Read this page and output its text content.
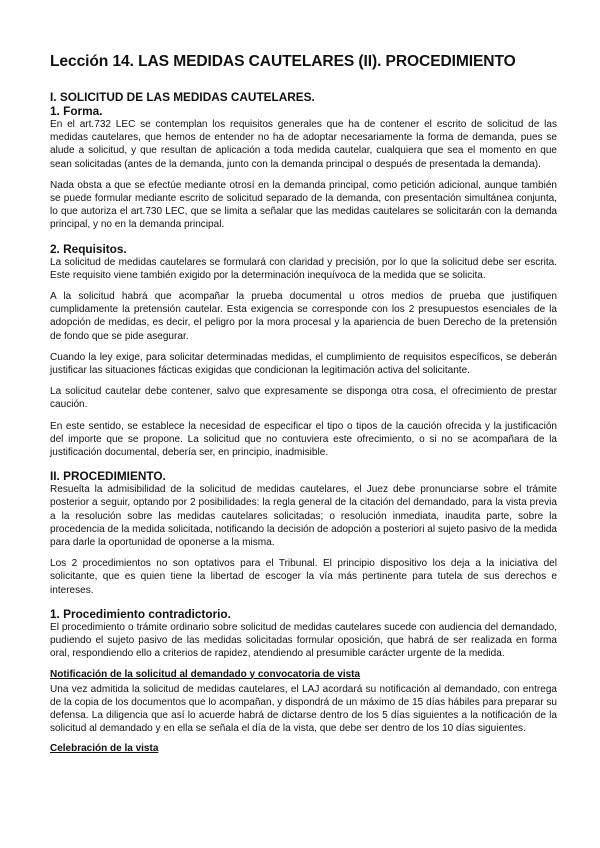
Lección 14. LAS MEDIDAS CAUTELARES (II). PROCEDIMIENTO
I. SOLICITUD DE LAS MEDIDAS CAUTELARES.
1. Forma.

En el art.732 LEC se contemplan los requisitos generales que ha de contener el escrito de solicitud de las medidas cautelares, que hemos de entender no ha de adoptar necesariamente la forma de demanda, pues se alude a solicitud, y que resultan de aplicación a toda medida cautelar, cualquiera que sea el momento en que sean solicitadas (antes de la demanda, junto con la demanda principal o después de presentada la demanda).

Nada obsta a que se efectúe mediante otrosí en la demanda principal, como petición adicional, aunque también se puede formular mediante escrito de solicitud separado de la demanda, con presentación simultánea conjunta, lo que autoriza el art.730 LEC, que se limita a señalar que las medidas cautelares se solicitarán con la demanda principal, y no en la demanda principal.

2. Requisitos.

La solicitud de medidas cautelares se formulará con claridad y precisión, por lo que la solicitud debe ser escrita. Este requisito viene también exigido por la determinación inequívoca de la medida que se solicita.

A la solicitud habrá que acompañar la prueba documental u otros medios de prueba que justifiquen cumplidamente la pretensión cautelar. Esta exigencia se corresponde con los 2 presupuestos esenciales de la adopción de medidas, es decir, el peligro por la mora procesal y la apariencia de buen Derecho de la pretensión de fondo que se pide asegurar.

Cuando la ley exige, para solicitar determinadas medidas, el cumplimiento de requisitos específicos, se deberán justificar las situaciones fácticas exigidas que condicionan la legitimación activa del solicitante.

La solicitud cautelar debe contener, salvo que expresamente se disponga otra cosa, el ofrecimiento de prestar caución.

En este sentido, se establece la necesidad de especificar el tipo o tipos de la caución ofrecida y la justificación del importe que se propone. La solicitud que no contuviera este ofrecimiento, o si no se acompañara de la justificación documental, debería ser, en principio, inadmisible.

II. PROCEDIMIENTO.

Resuelta la admisibilidad de la solicitud de medidas cautelares, el Juez debe pronunciarse sobre el trámite posterior a seguir, optando por 2 posibilidades: la regla general de la citación del demandado, para la vista previa a la resolución sobre las medidas cautelares solicitadas; o resolución inmediata, inaudita parte, sobre la procedencia de la medida solicitada, notificando la decisión de adopción a posteriori al sujeto pasivo de la medida para darle la oportunidad de oponerse a la misma.

Los 2 procedimientos no son optativos para el Tribunal. El principio dispositivo los deja a la iniciativa del solicitante, que es quien tiene la libertad de escoger la vía más pertinente para tutela de sus derechos e intereses.

1. Procedimiento contradictorio.

El procedimiento o trámite ordinario sobre solicitud de medidas cautelares sucede con audiencia del demandado, pudiendo el sujeto pasivo de las medidas solicitadas formular oposición, que habrá de ser realizada en forma oral, respondiendo ello a criterios de rapidez, atendiendo al presumible carácter urgente de la medida.

Notificación de la solicitud al demandado y convocatoria de vista

Una vez admitida la solicitud de medidas cautelares, el LAJ acordará su notificación al demandado, con entrega de la copia de los documentos que lo acompañan, y dispondrá de un máximo de 15 días hábiles para preparar su defensa. La diligencia que así lo acuerde habrá de dictarse dentro de los 5 días siguientes a la notificación de la solicitud al demandado y en ella se señala el día de la vista, que debe ser dentro de los 10 días siguientes.

Celebración de la vista
